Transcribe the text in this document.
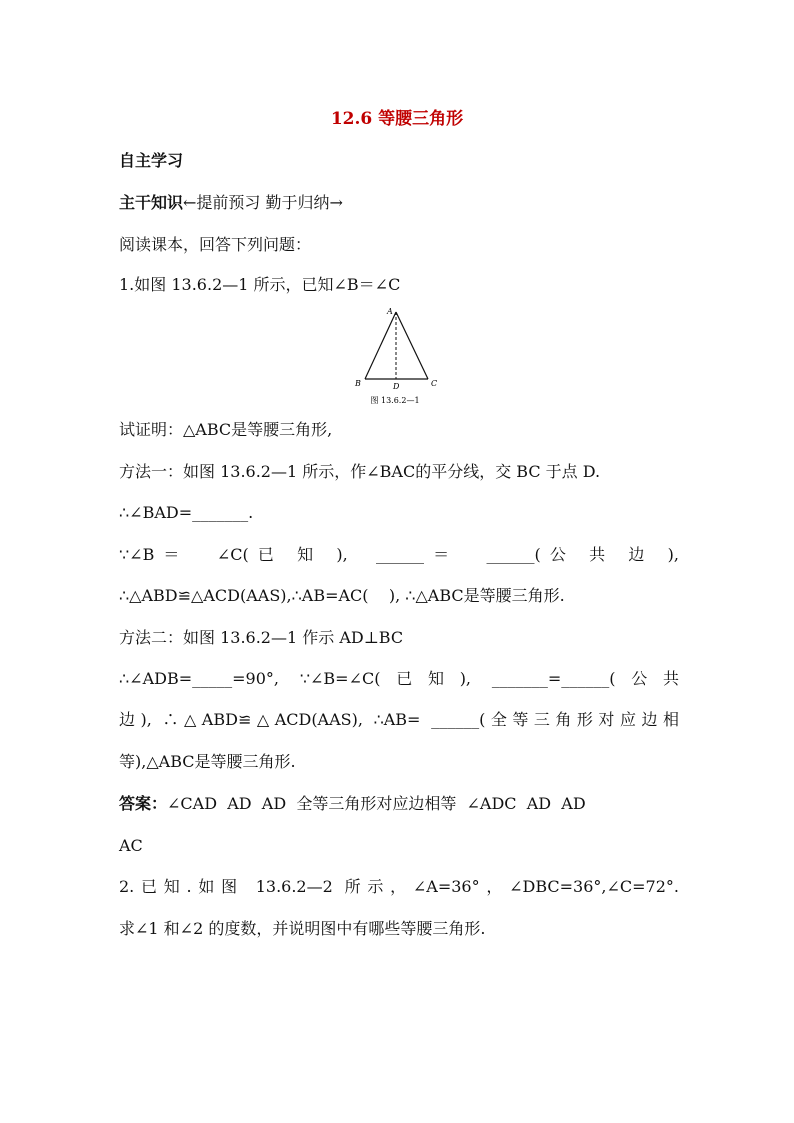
12.6 等腰三角形
自主学习
主干知识←提前预习 勤于归纳→
阅读课本，回答下列问题：
1.如图 13.6.2—1 所示，已知∠B＝∠C
A
B	C
D
图 13.6.2—1
试证明：△ABC是等腰三角形,
方法一：如图 13.6.2—1 所示，作∠BAC的平分线，交 BC 于点 D.
∴∠BAD=_______.
∵∠B＝  ∠C(已 知 ),  ______＝  ______(公 共 边 ),
∴△ABD≌△ACD(AAS),∴AB=AC(    ), ∴△ABC是等腰三角形.
方法二：如图 13.6.2—1 作示 AD⊥BC
∴∠ADB=_____=90°, ∵∠B=∠C(已知), _______=______(公共
边), ∴△ABD≌△ACD(AAS), ∴AB= ______(全等三角形对应边相
等),△ABC是等腰三角形.
答案：∠CAD  AD  AD  全等三角形对应边相等  ∠ADC  AD  AD
AC
2.已知.如图 13.6.2—2 所示，∠A=36°，∠DBC=36°,∠C=72°.
求∠1 和∠2 的度数，并说明图中有哪些等腰三角形.
